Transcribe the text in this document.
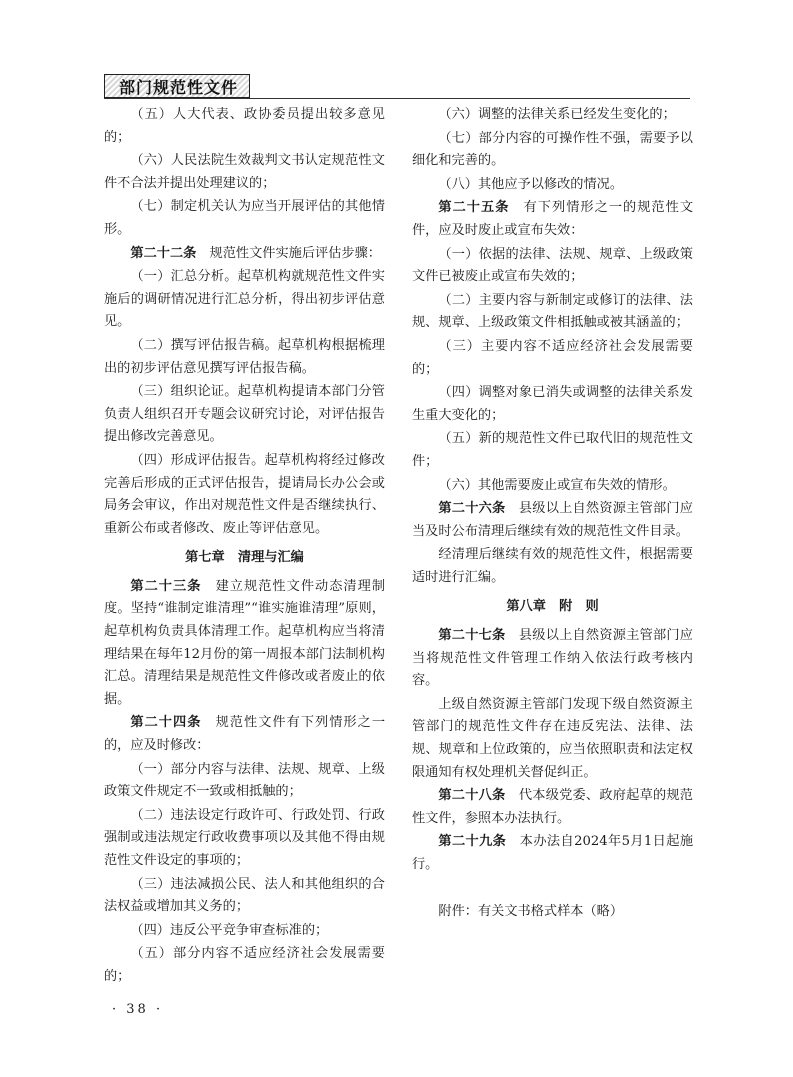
部门规范性文件

（五）人大代表、政协委员提出较多意见的；

（六）人民法院生效裁判文书认定规范性文件不合法并提出处理建议的；

（七）制定机关认为应当开展评估的其他情形。

第二十二条　规范性文件实施后评估步骤：

（一）汇总分析。起草机构就规范性文件实施后的调研情况进行汇总分析，得出初步评估意见。

（二）撰写评估报告稿。起草机构根据梳理出的初步评估意见撰写评估报告稿。

（三）组织论证。起草机构提请本部门分管负责人组织召开专题会议研究讨论，对评估报告提出修改完善意见。

（四）形成评估报告。起草机构将经过修改完善后形成的正式评估报告，提请局长办公会或局务会审议，作出对规范性文件是否继续执行、重新公布或者修改、废止等评估意见。

第七章　清理与汇编

第二十三条　建立规范性文件动态清理制度。坚持“谁制定谁清理”“谁实施谁清理”原则，起草机构负责具体清理工作。起草机构应当将清理结果在每年12月份的第一周报本部门法制机构汇总。清理结果是规范性文件修改或者废止的依据。

第二十四条　规范性文件有下列情形之一的，应及时修改：

（一）部分内容与法律、法规、规章、上级政策文件规定不一致或相抵触的；

（二）违法设定行政许可、行政处罚、行政强制或违法规定行政收费事项以及其他不得由规范性文件设定的事项的；

（三）违法减损公民、法人和其他组织的合法权益或增加其义务的；

（四）违反公平竞争审查标准的；

（五）部分内容不适应经济社会发展需要的；

（六）调整的法律关系已经发生变化的；

（七）部分内容的可操作性不强，需要予以细化和完善的。

（八）其他应予以修改的情况。

第二十五条　有下列情形之一的规范性文件，应及时废止或宣布失效：

（一）依据的法律、法规、规章、上级政策文件已被废止或宣布失效的；

（二）主要内容与新制定或修订的法律、法规、规章、上级政策文件相抵触或被其涵盖的；

（三）主要内容不适应经济社会发展需要的；

（四）调整对象已消失或调整的法律关系发生重大变化的；

（五）新的规范性文件已取代旧的规范性文件；

（六）其他需要废止或宣布失效的情形。

第二十六条　县级以上自然资源主管部门应当及时公布清理后继续有效的规范性文件目录。

经清理后继续有效的规范性文件，根据需要适时进行汇编。

第八章　附　则

第二十七条　县级以上自然资源主管部门应当将规范性文件管理工作纳入依法行政考核内容。

上级自然资源主管部门发现下级自然资源主管部门的规范性文件存在违反宪法、法律、法规、规章和上位政策的，应当依照职责和法定权限通知有权处理机关督促纠正。

第二十八条　代本级党委、政府起草的规范性文件，参照本办法执行。

第二十九条　本办法自2024年5月1日起施行。

附件：有关文书格式样本（略）

· 38 ·
